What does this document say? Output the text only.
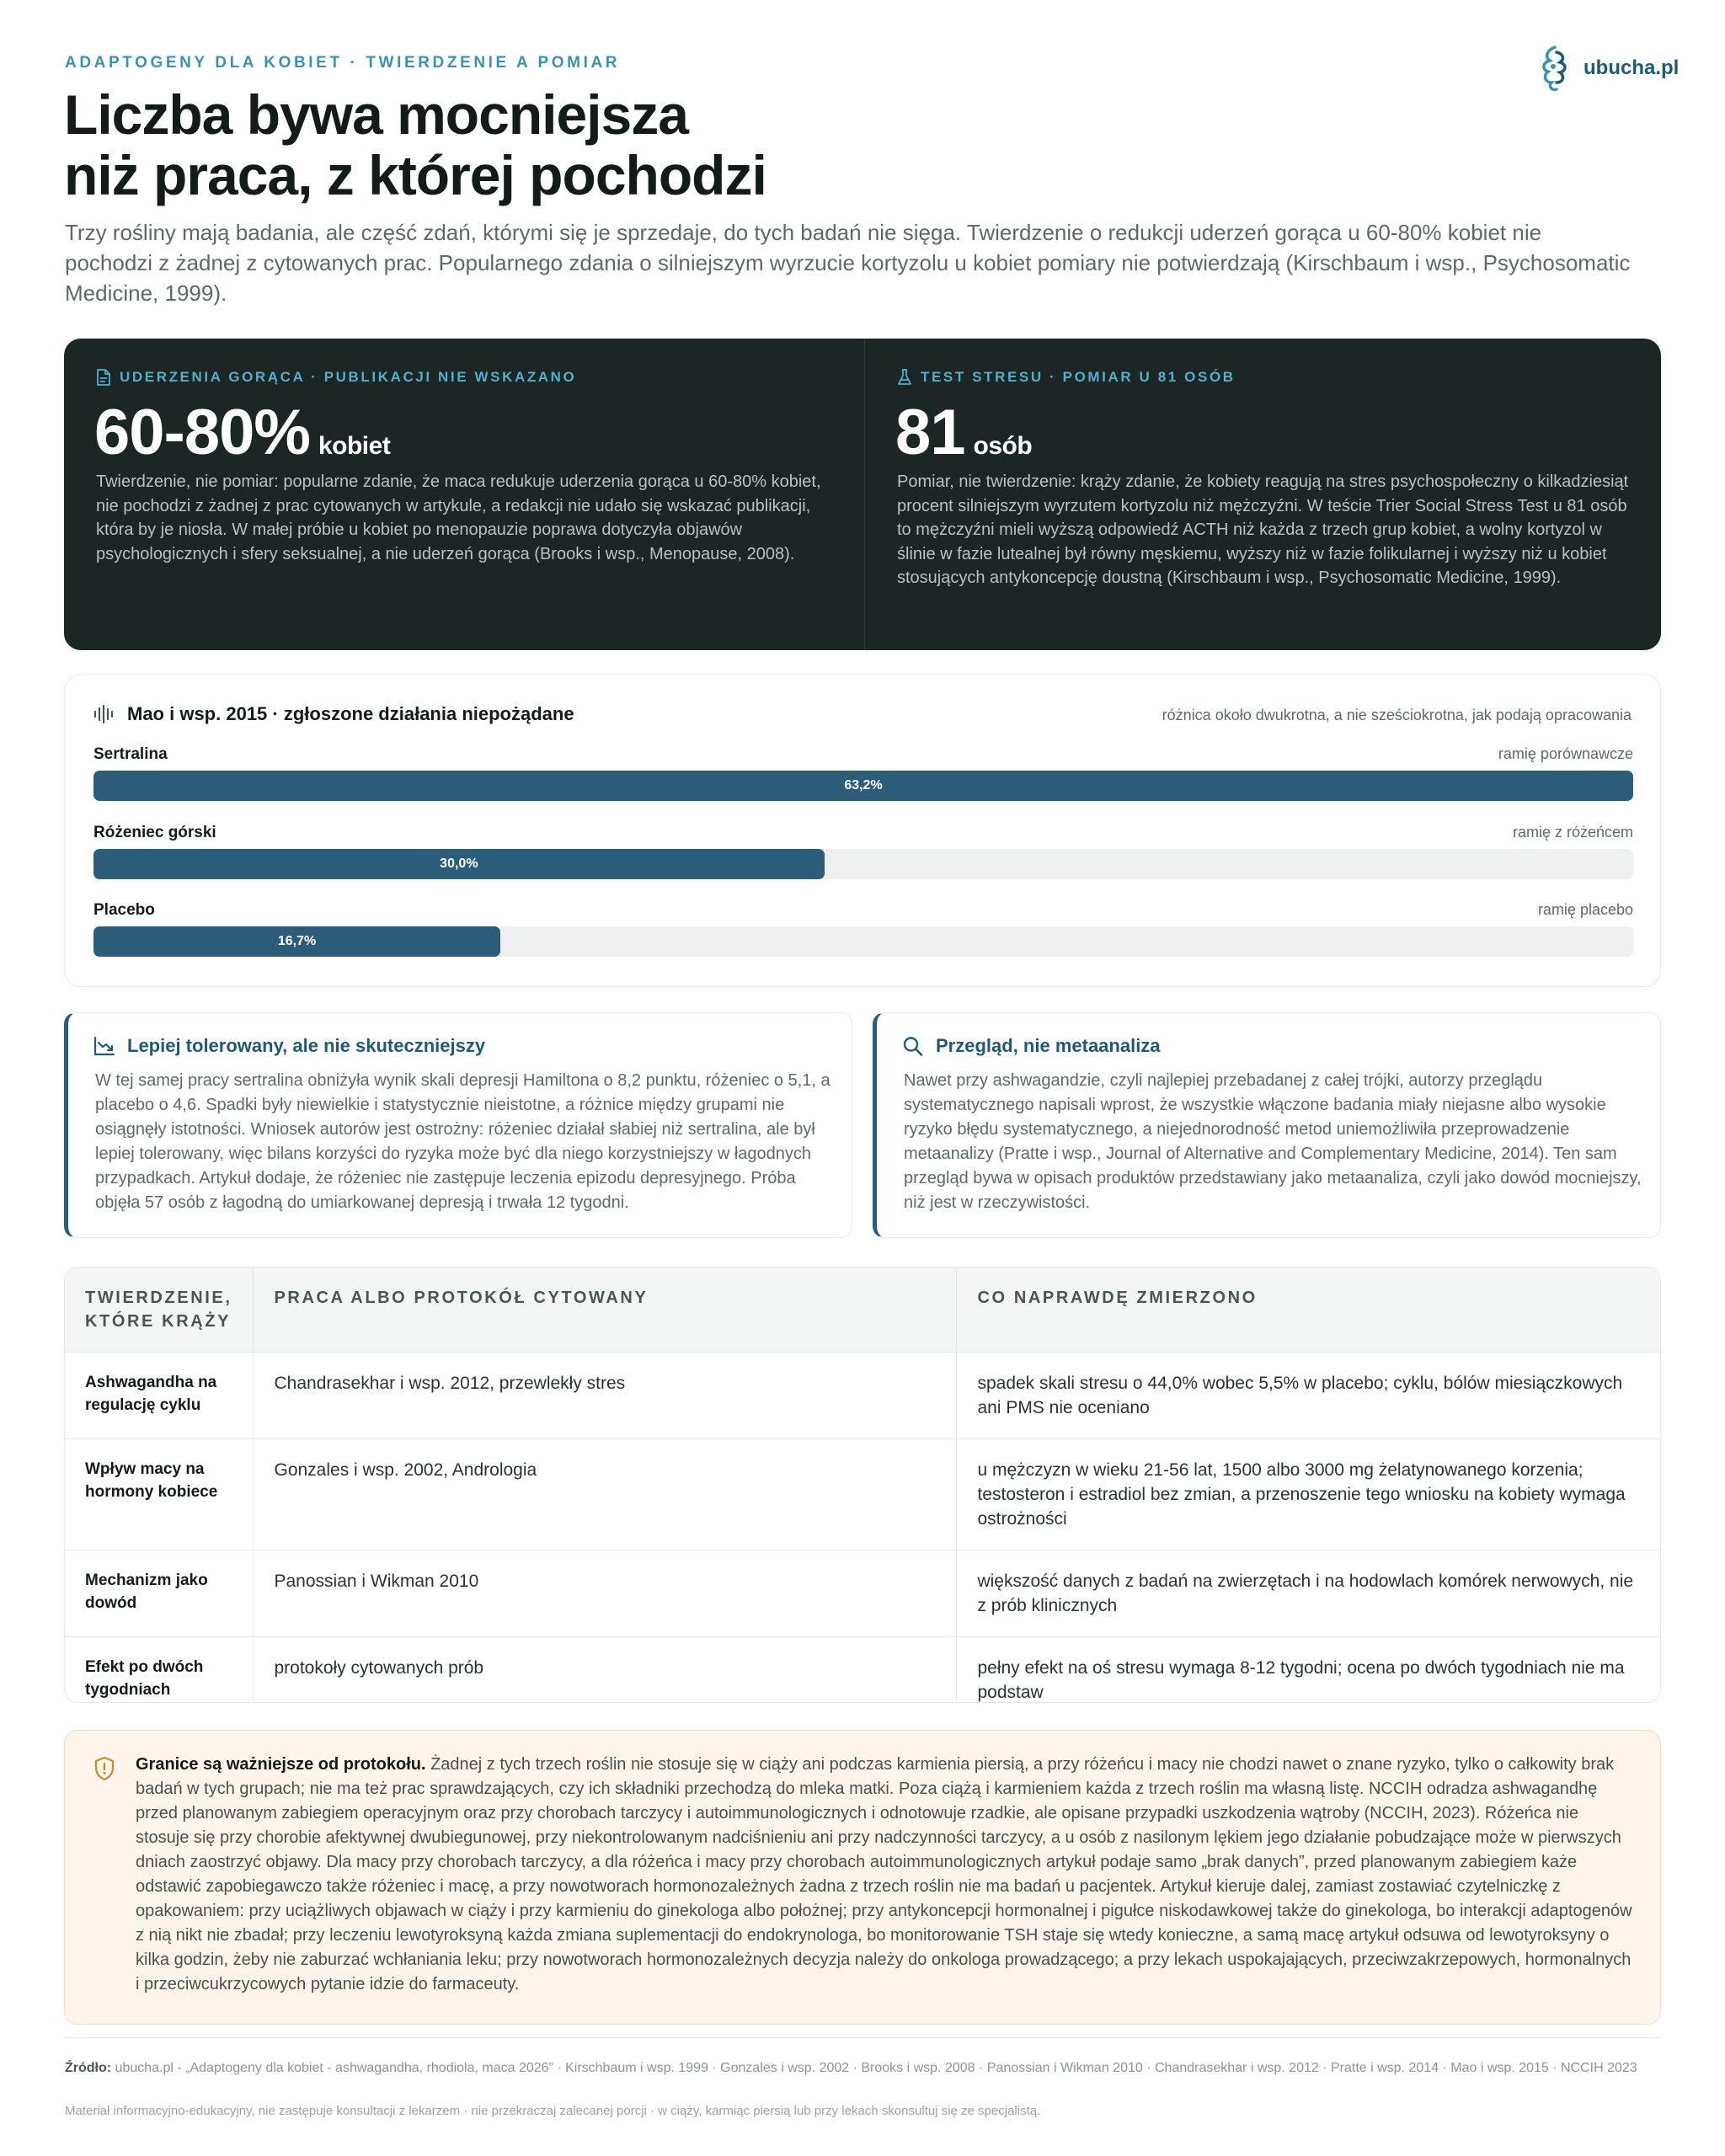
ADAPTOGENY DLA KOBIET · TWIERDZENIE A POMIAR	ubucha.pl
Liczba bywa mocniejsza
niż praca, z której pochodzi

Trzy rośliny mają badania, ale część zdań, którymi się je sprzedaje, do tych badań nie sięga. Twierdzenie o redukcji uderzeń gorąca u 60‑80% kobiet nie pochodzi z żadnej z cytowanych prac. Popularnego zdania o silniejszym wyrzucie kortyzolu u kobiet pomiary nie potwierdzają (Kirschbaum i wsp., Psychosomatic Medicine, 1999).

UDERZENIA GORĄCA · PUBLIKACJI NIE WSKAZANO
60‑80% kobiet

Twierdzenie, nie pomiar: popularne zdanie, że maca redukuje uderzenia gorąca u 60‑80% kobiet, nie pochodzi z żadnej z prac cytowanych w artykule, a redakcji nie udało się wskazać publikacji, która by je niosła. W małej próbie u kobiet po menopauzie poprawa dotyczyła objawów psychologicznych i sfery seksualnej, a nie uderzeń gorąca (Brooks i wsp., Menopause, 2008).

TEST STRESU · POMIAR U 81 OSÓB
81 osób

Pomiar, nie twierdzenie: krąży zdanie, że kobiety reagują na stres psychospołeczny o kilkadziesiąt procent silniejszym wyrzutem kortyzolu niż mężczyźni. W teście Trier Social Stress Test u 81 osób to mężczyźni mieli wyższą odpowiedź ACTH niż każda z trzech grup kobiet, a wolny kortyzol w ślinie w fazie lutealnej był równy męskiemu, wyższy niż w fazie folikularnej i wyższy niż u kobiet stosujących antykoncepcję doustną (Kirschbaum i wsp., Psychosomatic Medicine, 1999).

Mao i wsp. 2015 · zgłoszone działania niepożądane	różnica około dwukrotna, a nie sześciokrotna, jak podają opracowania
Sertralina	ramię porównawcze
63,2%
Różeniec górski	ramię z różeńcem
30,0%
Placebo	ramię placebo
16,7%
Lepiej tolerowany, ale nie skuteczniejszy

W tej samej pracy sertralina obniżyła wynik skali depresji Hamiltona o 8,2 punktu, różeniec o 5,1, a placebo o 4,6. Spadki były niewielkie i statystycznie nieistotne, a różnice między grupami nie osiągnęły istotności. Wniosek autorów jest ostrożny: różeniec działał słabiej niż sertralina, ale był lepiej tolerowany, więc bilans korzyści do ryzyka może być dla niego korzystniejszy w łagodnych przypadkach. Artykuł dodaje, że różeniec nie zastępuje leczenia epizodu depresyjnego. Próba objęła 57 osób z łagodną do umiarkowanej depresją i trwała 12 tygodni.

Przegląd, nie metaanaliza

Nawet przy ashwagandzie, czyli najlepiej przebadanej z całej trójki, autorzy przeglądu systematycznego napisali wprost, że wszystkie włączone badania miały niejasne albo wysokie ryzyko błędu systematycznego, a niejednorodność metod uniemożliwiła przeprowadzenie metaanalizy (Pratte i wsp., Journal of Alternative and Complementary Medicine, 2014). Ten sam przegląd bywa w opisach produktów przedstawiany jako metaanaliza, czyli jako dowód mocniejszy, niż jest w rzeczywistości.

TWIERDZENIE, KTÓRE KRĄŻY	PRACA ALBO PROTOKÓŁ CYTOWANY	CO NAPRAWDĘ ZMIERZONO
Ashwagandha na regulację cyklu	Chandrasekhar i wsp. 2012, przewlekły stres	spadek skali stresu o 44,0% wobec 5,5% w placebo; cyklu, bólów miesiączkowych ani PMS nie oceniano
Wpływ macy na hormony kobiece	Gonzales i wsp. 2002, Andrologia	u mężczyzn w wieku 21‑56 lat, 1500 albo 3000 mg żelatynowanego korzenia; testosteron i estradiol bez zmian, a przenoszenie tego wniosku na kobiety wymaga ostrożności
Mechanizm jako dowód	Panossian i Wikman 2010	większość danych z badań na zwierzętach i na hodowlach komórek nerwowych, nie z prób klinicznych
Efekt po dwóch tygodniach	protokoły cytowanych prób	pełny efekt na oś stresu wymaga 8‑12 tygodni; ocena po dwóch tygodniach nie ma podstaw

Granice są ważniejsze od protokołu. Żadnej z tych trzech roślin nie stosuje się w ciąży ani podczas karmienia piersią, a przy różeńcu i macy nie chodzi nawet o znane ryzyko, tylko o całkowity brak badań w tych grupach; nie ma też prac sprawdzających, czy ich składniki przechodzą do mleka matki. Poza ciążą i karmieniem każda z trzech roślin ma własną listę. NCCIH odradza ashwagandhę przed planowanym zabiegiem operacyjnym oraz przy chorobach tarczycy i autoimmunologicznych i odnotowuje rzadkie, ale opisane przypadki uszkodzenia wątroby (NCCIH, 2023). Różeńca nie stosuje się przy chorobie afektywnej dwubiegunowej, przy niekontrolowanym nadciśnieniu ani przy nadczynności tarczycy, a u osób z nasilonym lękiem jego działanie pobudzające może w pierwszych dniach zaostrzyć objawy. Dla macy przy chorobach tarczycy, a dla różeńca i macy przy chorobach autoimmunologicznych artykuł podaje samo „brak danych”, przed planowanym zabiegiem każe odstawić zapobiegawczo także różeniec i macę, a przy nowotworach hormonozależnych żadna z trzech roślin nie ma badań u pacjentek. Artykuł kieruje dalej, zamiast zostawiać czytelniczkę z opakowaniem: przy uciążliwych objawach w ciąży i przy karmieniu do ginekologa albo położnej; przy antykoncepcji hormonalnej i pigułce niskodawkowej także do ginekologa, bo interakcji adaptogenów z nią nikt nie zbadał; przy leczeniu lewotyroksyną każda zmiana suplementacji do endokrynologa, bo monitorowanie TSH staje się wtedy konieczne, a samą macę artykuł odsuwa od lewotyroksyny o kilka godzin, żeby nie zaburzać wchłaniania leku; przy nowotworach hormonozależnych decyzja należy do onkologa prowadzącego; a przy lekach uspokajających, przeciwzakrzepowych, hormonalnych i przeciwcukrzycowych pytanie idzie do farmaceuty.

Źródło: ubucha.pl ‑ „Adaptogeny dla kobiet ‑ ashwagandha, rhodiola, maca 2026” · Kirschbaum i wsp. 1999 · Gonzales i wsp. 2002 · Brooks i wsp. 2008 · Panossian i Wikman 2010 · Chandrasekhar i wsp. 2012 · Pratte i wsp. 2014 · Mao i wsp. 2015 · NCCIH 2023

Materiał informacyjno‑edukacyjny, nie zastępuje konsultacji z lekarzem · nie przekraczaj zalecanej porcji · w ciąży, karmiąc piersią lub przy lekach skonsultuj się ze specjalistą.
